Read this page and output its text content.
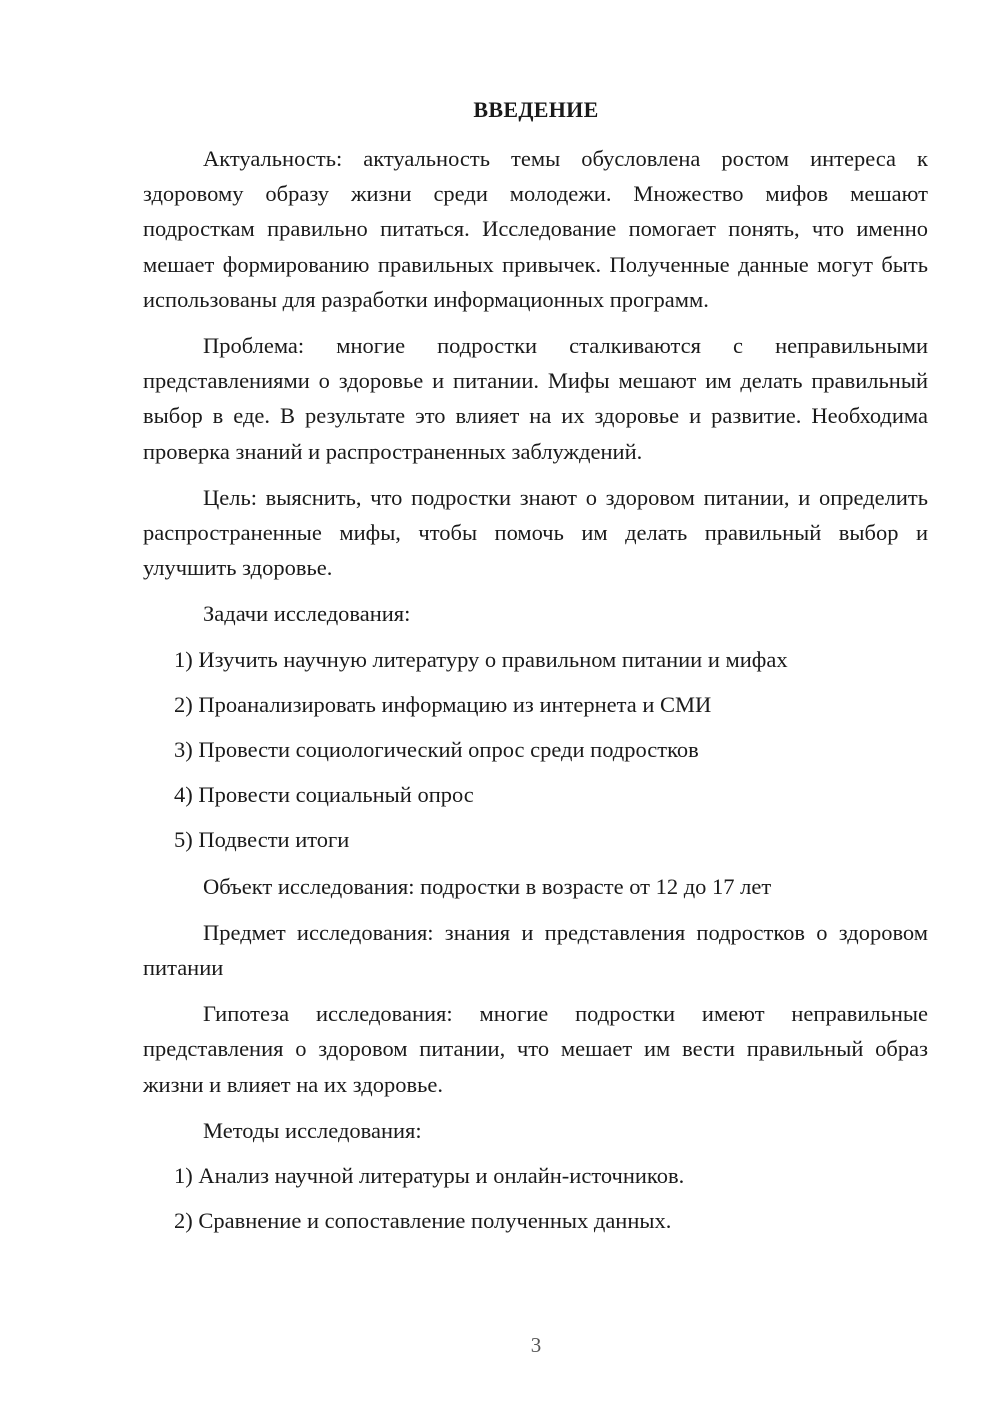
ВВЕДЕНИЕ

Актуальность: актуальность темы обусловлена ростом интереса к здоровому образу жизни среди молодежи. Множество мифов мешают подросткам правильно питаться. Исследование помогает понять, что именно мешает формированию правильных привычек. Полученные данные могут быть использованы для разработки информационных программ.

Проблема: многие подростки сталкиваются с неправильными представлениями о здоровье и питании. Мифы мешают им делать правильный выбор в еде. В результате это влияет на их здоровье и развитие. Необходима проверка знаний и распространенных заблуждений.

Цель: выяснить, что подростки знают о здоровом питании, и определить распространенные мифы, чтобы помочь им делать правильный выбор и улучшить здоровье.

Задачи исследования:

1) Изучить научную литературу о правильном питании и мифах

2) Проанализировать информацию из интернета и СМИ

3) Провести социологический опрос среди подростков

4) Провести социальный опрос

5) Подвести итоги

Объект исследования: подростки в возрасте от 12 до 17 лет

Предмет исследования: знания и представления подростков о здоровом питании

Гипотеза исследования: многие подростки имеют неправильные представления о здоровом питании, что мешает им вести правильный образ жизни и влияет на их здоровье.

Методы исследования:

1) Анализ научной литературы и онлайн-источников.

2) Сравнение и сопоставление полученных данных.

3
